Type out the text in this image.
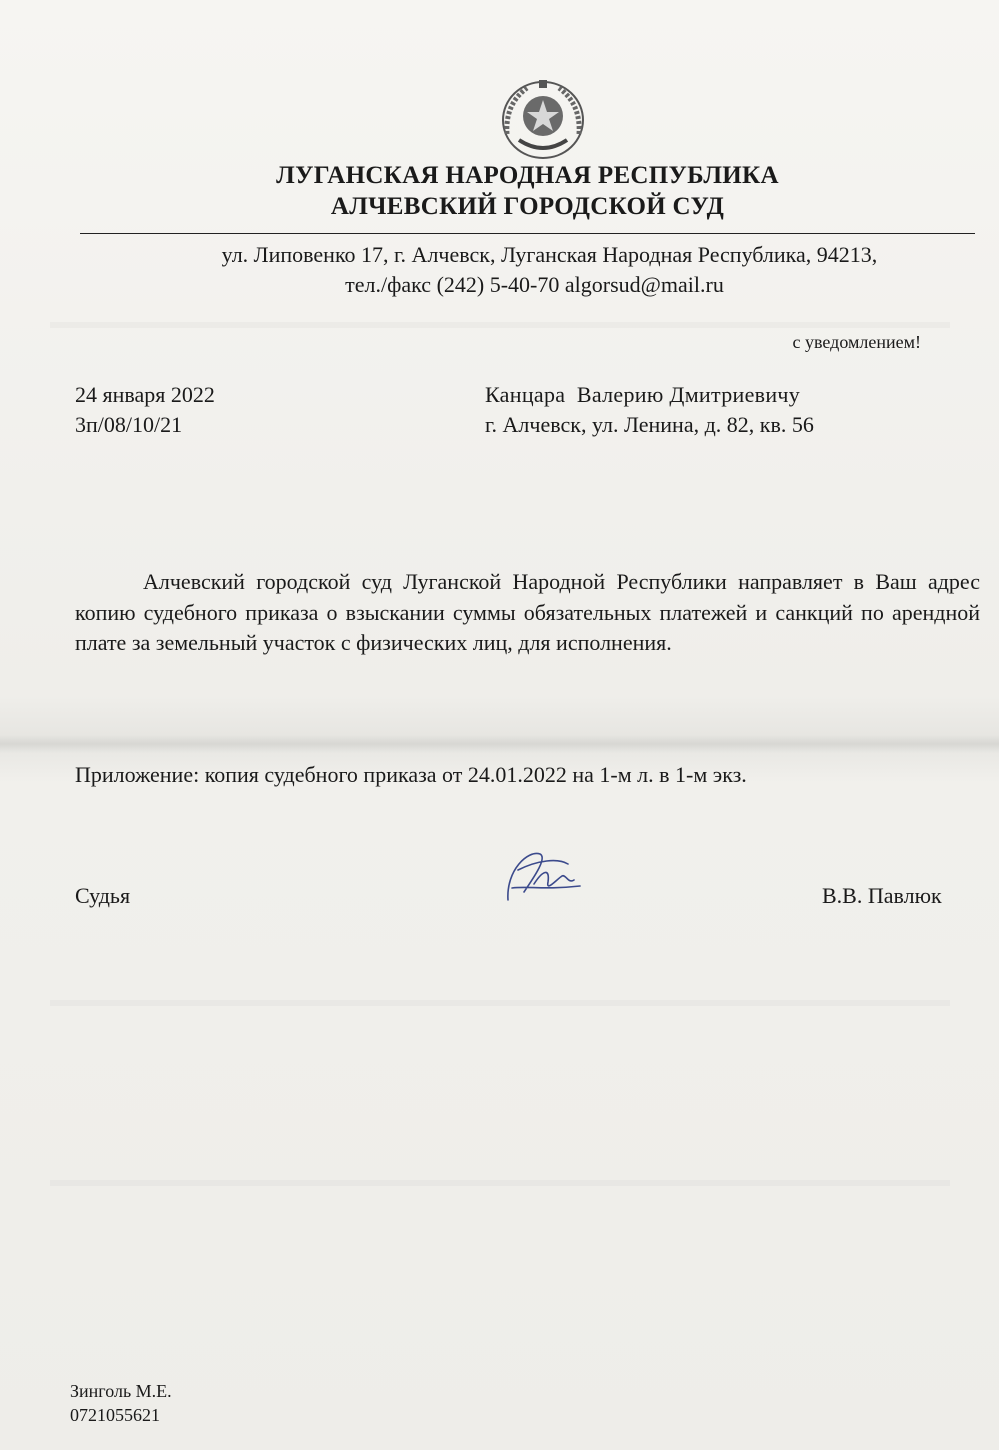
ЛУГАНСКАЯ НАРОДНАЯ РЕСПУБЛИКА
АЛЧЕВСКИЙ ГОРОДСКОЙ СУД
ул. Липовенко 17, г. Алчевск, Луганская Народная Республика, 94213,
тел./факс (242) 5-40-70 algorsud@mail.ru
с уведомлением!
24 января 2022
3п/08/10/21
Канцара  Валерию Дмитриевичу
г. Алчевск, ул. Ленина, д. 82, кв. 56

Алчевский городской суд Луганской Народной Республики направляет в Ваш адрес копию судебного приказа о взыскании суммы обязательных платежей и санкций по арендной плате за земельный участок с физических лиц, для исполнения.

Приложение: копия судебного приказа от 24.01.2022 на 1-м л. в 1-м экз.
Судья	В.В. Павлюк
Зинголь М.Е.
0721055621
